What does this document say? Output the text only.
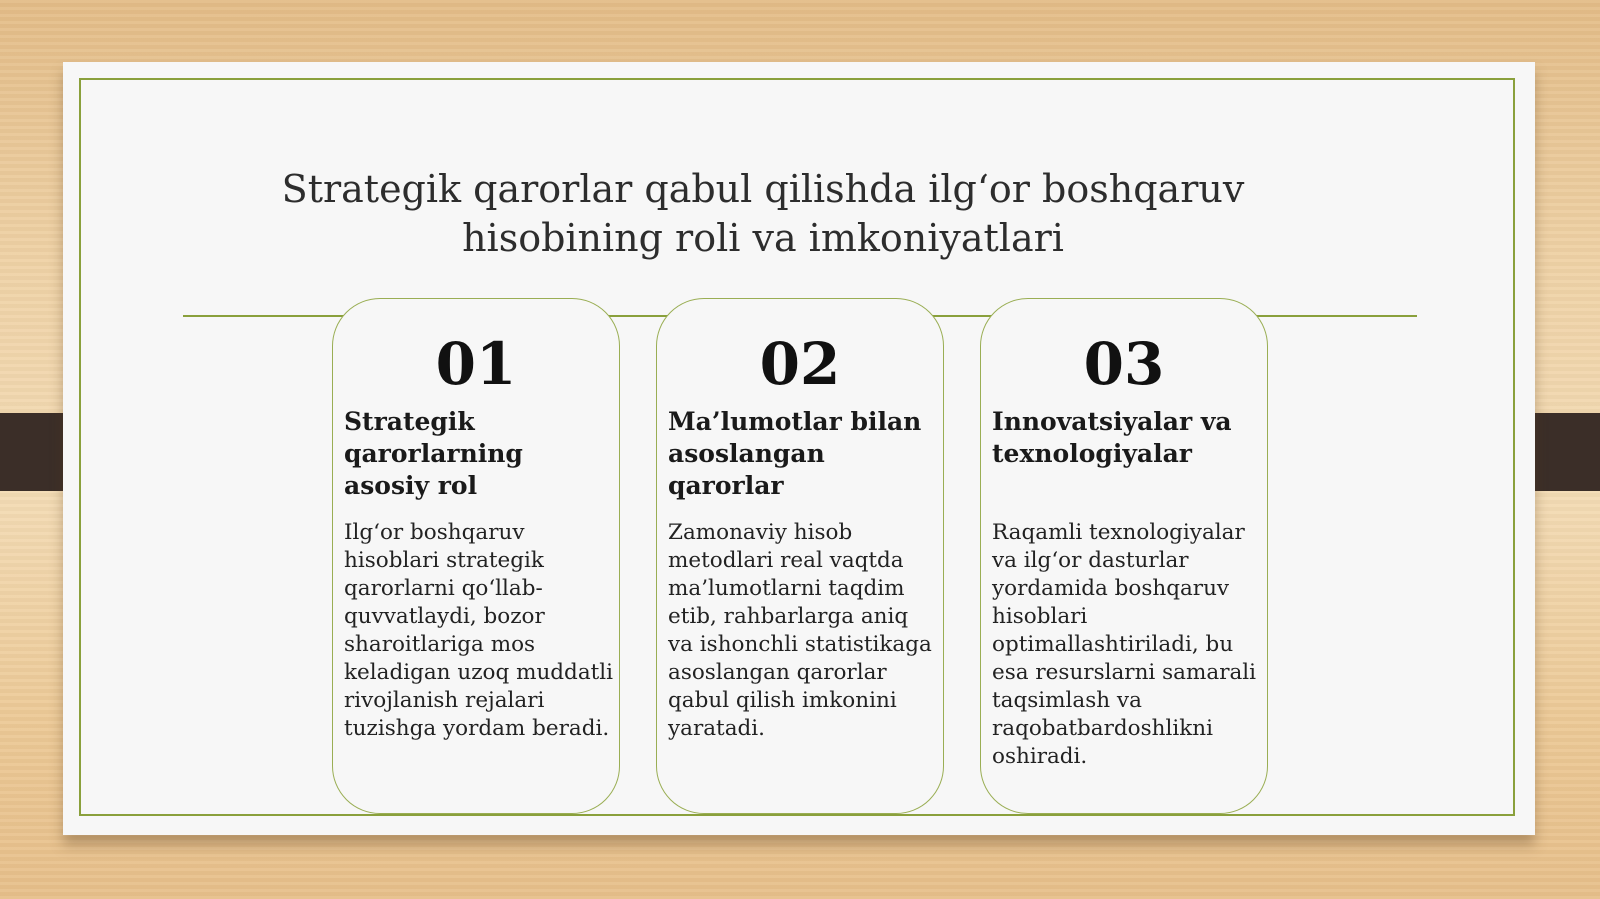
Strategik qarorlar qabul qilishda ilg‘or boshqaruv hisobining roli va imkoniyatlari

01

Strategik qarorlarning asosiy rol

Ilg‘or boshqaruv hisoblari strategik qarorlarni qo‘llab-quvvatlaydi, bozor sharoitlariga mos keladigan uzoq muddatli rivojlanish rejalari tuzishga yordam beradi.

02

Ma’lumotlar bilan asoslangan qarorlar

Zamonaviy hisob metodlari real vaqtda ma’lumotlarni taqdim etib, rahbarlarga aniq va ishonchli statistikaga asoslangan qarorlar qabul qilish imkonini yaratadi.

03

Innovatsiyalar va texnologiyalar

Raqamli texnologiyalar va ilg‘or dasturlar yordamida boshqaruv hisoblari optimallashtiriladi, bu esa resurslarni samarali taqsimlash va raqobatbardoshlikni oshiradi.
